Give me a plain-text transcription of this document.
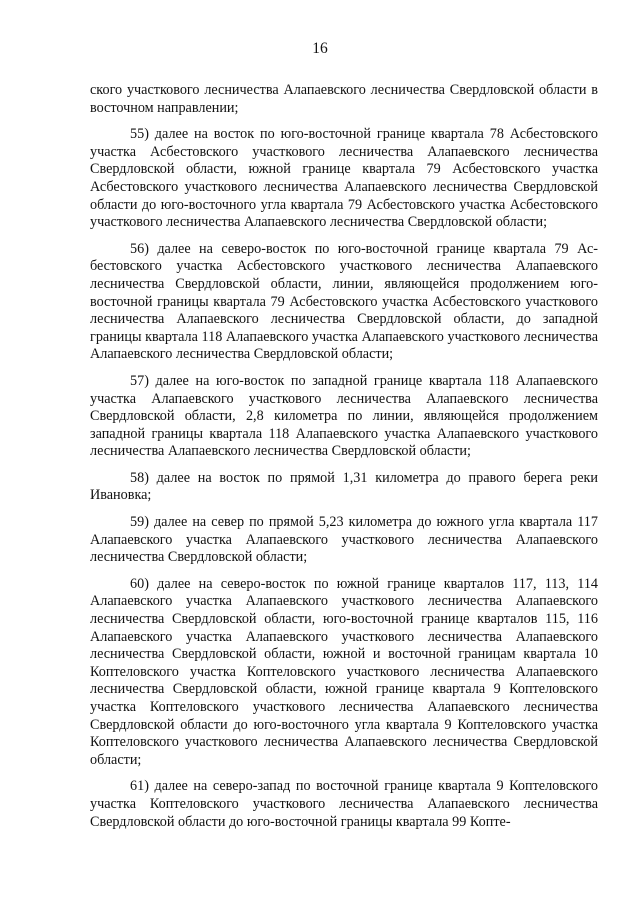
16

ского участкового лесничества Алапаевского лесничества Свердловской области в восточном направлении;

55) далее на восток по юго-восточной границе квартала 78 Асбестовского участка Асбестовского участкового лесничества Алапаевского лесничества Свердловской области, южной границе квартала 79 Асбестовского участка Асбестовского участкового лесничества Алапаевского лесничества Свердловской области до юго-восточного угла квартала 79 Асбестовского участка Асбестовского участкового лесничества Алапаевского лесничества Свердловской области;

56) далее на северо-восток по юго-восточной границе квартала 79 Асбестовского участка Асбестовского участкового лесничества Алапаевского лесничества Свердловской области, линии, являющейся продолжением юго-восточной границы квартала 79 Асбестовского участка Асбестовского участкового лесничества Алапаевского лесничества Свердловской области, до западной границы квартала 118 Алапаевского участка Алапаевского участкового лесничества Алапаевского лесничества Свердловской области;

57) далее на юго-восток по западной границе квартала 118 Алапаевского участка Алапаевского участкового лесничества Алапаевского лесничества Свердловской области, 2,8 километра по линии, являющейся продолжением западной границы квартала 118 Алапаевского участка Алапаевского участкового лесничества Алапаевского лесничества Свердловской области;

58) далее на восток по прямой 1,31 километра до правого берега реки Ивановка;

59) далее на север по прямой 5,23 километра до южного угла квартала 117 Алапаевского участка Алапаевского участкового лесничества Алапаевского лесничества Свердловской области;

60) далее на северо-восток по южной границе кварталов 117, 113, 114 Алапаевского участка Алапаевского участкового лесничества Алапаевского лесничества Свердловской области, юго-восточной границе кварталов 115, 116 Алапаевского участка Алапаевского участкового лесничества Алапаевского лесничества Свердловской области, южной и восточной границам квартала 10 Коптеловского участка Коптеловского участкового лесничества Алапаевского лесничества Свердловской области, южной границе квартала 9 Коптеловского участка Коптеловского участкового лесничества Алапаевского лесничества Свердловской области до юго-восточного угла квартала 9 Коптеловского участка Коптеловского участкового лесничества Алапаевского лесничества Свердловской области;

61) далее на северо-запад по восточной границе квартала 9 Коптеловского участка Коптеловского участкового лесничества Алапаевского лесничества Свердловской области до юго-восточной границы квартала 99 Копте-
